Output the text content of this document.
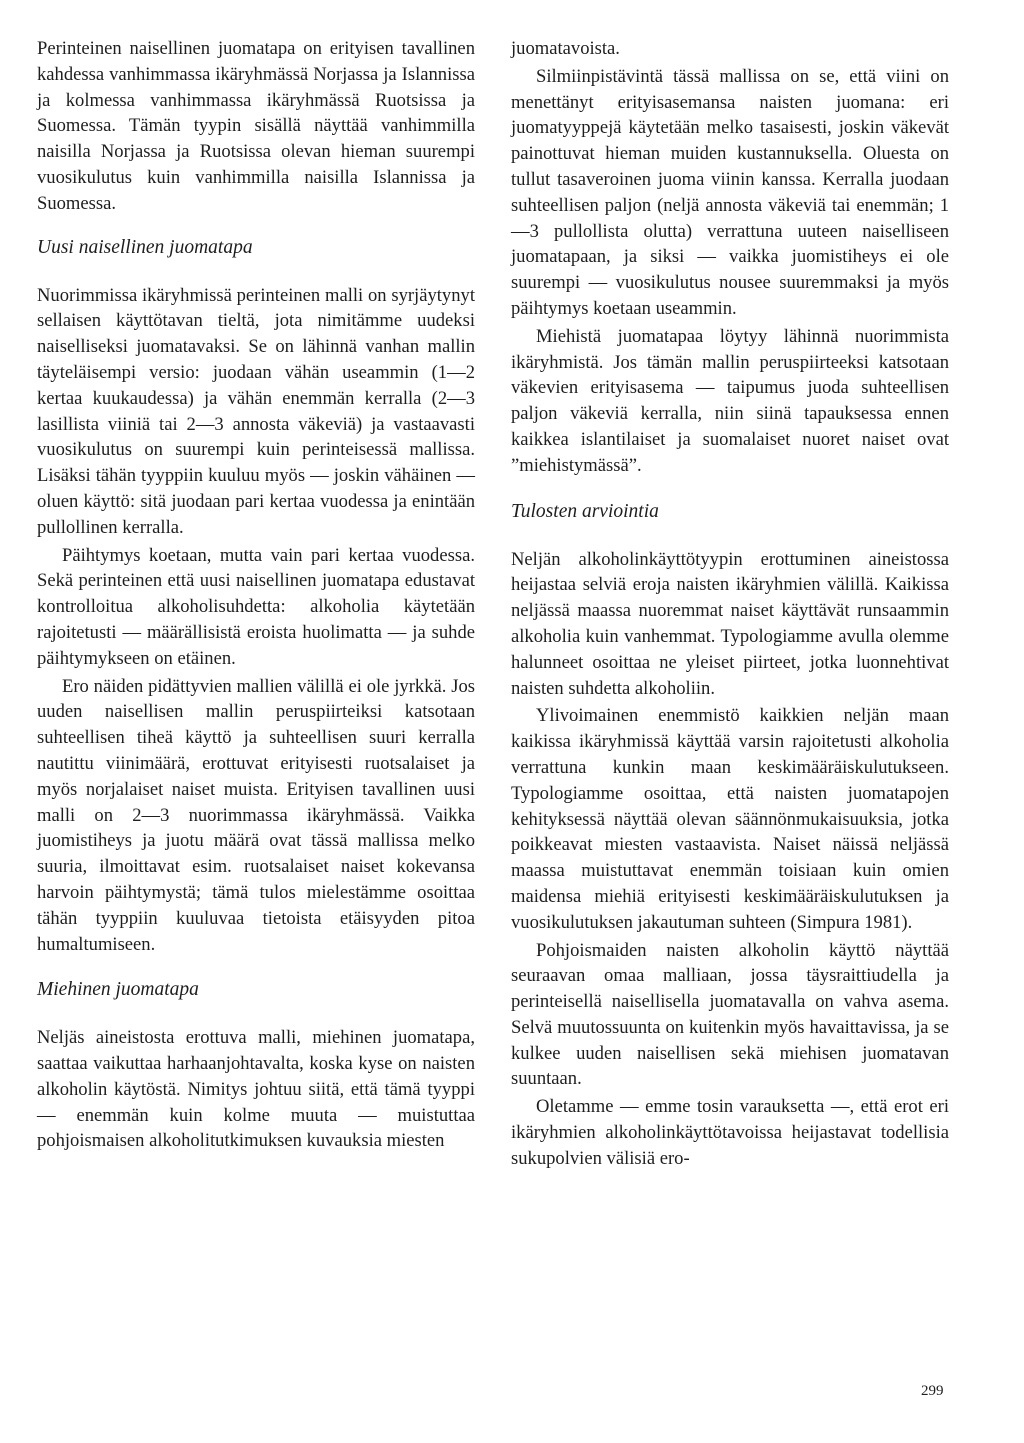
Perinteinen naisellinen juomatapa on erityisen tavallinen kahdessa vanhimmassa ikäryhmässä Norjassa ja Islannissa ja kolmessa vanhimmassa ikäryhmässä Ruotsissa ja Suomessa. Tämän tyypin sisällä näyttää vanhimmilla naisilla Norjassa ja Ruotsissa olevan hieman suurempi vuosikulutus kuin vanhimmilla naisilla Islannissa ja Suomessa.

Uusi naisellinen juomatapa

Nuorimmissa ikäryhmissä perinteinen malli on syrjäytynyt sellaisen käyttötavan tieltä, jota nimitämme uudeksi naiselliseksi juomatavaksi. Se on lähinnä vanhan mallin täyteläisempi versio: juodaan vähän useammin (1—2 kertaa kuukaudessa) ja vähän enemmän kerralla (2—3 lasillista viiniä tai 2—3 annosta väkeviä) ja vastaavasti vuosikulutus on suurempi kuin perinteisessä mallissa. Lisäksi tähän tyyppiin kuuluu myös — joskin vähäinen — oluen käyttö: sitä juodaan pari kertaa vuodessa ja enintään pullollinen kerralla.

Päihtymys koetaan, mutta vain pari kertaa vuodessa. Sekä perinteinen että uusi naisellinen juomatapa edustavat kontrolloitua alkoholisuhdetta: alkoholia käytetään rajoitetusti — määrällisistä eroista huolimatta — ja suhde päihtymykseen on etäinen.

Ero näiden pidättyvien mallien välillä ei ole jyrkkä. Jos uuden naisellisen mallin peruspiirteiksi katsotaan suhteellisen tiheä käyttö ja suhteellisen suuri kerralla nautittu viinimäärä, erottuvat erityisesti ruotsalaiset ja myös norjalaiset naiset muista. Erityisen tavallinen uusi malli on 2—3 nuorimmassa ikäryhmässä. Vaikka juomistiheys ja juotu määrä ovat tässä mallissa melko suuria, ilmoittavat esim. ruotsalaiset naiset kokevansa harvoin päihtymystä; tämä tulos mielestämme osoittaa tähän tyyppiin kuuluvaa tietoista etäisyyden pitoa humaltumiseen.

Miehinen juomatapa

Neljäs aineistosta erottuva malli, miehinen juomatapa, saattaa vaikuttaa harhaanjohtavalta, koska kyse on naisten alkoholin käytöstä. Nimitys johtuu siitä, että tämä tyyppi — enemmän kuin kolme muuta — muistuttaa pohjoismaisen alkoholitutkimuksen kuvauksia miesten

juomatavoista.

Silmiinpistävintä tässä mallissa on se, että viini on menettänyt erityisasemansa naisten juomana: eri juomatyyppejä käytetään melko tasaisesti, joskin väkevät painottuvat hieman muiden kustannuksella. Oluesta on tullut tasaveroinen juoma viinin kanssa. Kerralla juodaan suhteellisen paljon (neljä annosta väkeviä tai enemmän; 1—3 pullollista olutta) verrattuna uuteen naiselliseen juomatapaan, ja siksi — vaikka juomistiheys ei ole suurempi — vuosikulutus nousee suuremmaksi ja myös päihtymys koetaan useammin.

Miehistä juomatapaa löytyy lähinnä nuorimmista ikäryhmistä. Jos tämän mallin peruspiirteeksi katsotaan väkevien erityisasema — taipumus juoda suhteellisen paljon väkeviä kerralla, niin siinä tapauksessa ennen kaikkea islantilaiset ja suomalaiset nuoret naiset ovat ”miehistymässä”.

Tulosten arviointia

Neljän alkoholinkäyttötyypin erottuminen aineistossa heijastaa selviä eroja naisten ikäryhmien välillä. Kaikissa neljässä maassa nuoremmat naiset käyttävät runsaammin alkoholia kuin vanhemmat. Typologiamme avulla olemme halunneet osoittaa ne yleiset piirteet, jotka luonnehtivat naisten suhdetta alkoholiin.

Ylivoimainen enemmistö kaikkien neljän maan kaikissa ikäryhmissä käyttää varsin rajoitetusti alkoholia verrattuna kunkin maan keskimääräiskulutukseen. Typologiamme osoittaa, että naisten juomatapojen kehityksessä näyttää olevan säännönmukaisuuksia, jotka poikkeavat miesten vastaavista. Naiset näissä neljässä maassa muistuttavat enemmän toisiaan kuin omien maidensa miehiä erityisesti keskimääräiskulutuksen ja vuosikulutuksen jakautuman suhteen (Simpura 1981).

Pohjoismaiden naisten alkoholin käyttö näyttää seuraavan omaa malliaan, jossa täysraittiudella ja perinteisellä naisellisella juomatavalla on vahva asema. Selvä muutossuunta on kuitenkin myös havaittavissa, ja se kulkee uuden naisellisen sekä miehisen juomatavan suuntaan.

Oletamme — emme tosin varauksetta —, että erot eri ikäryhmien alkoholinkäyttötavoissa heijastavat todellisia sukupolvien välisiä ero-

299
